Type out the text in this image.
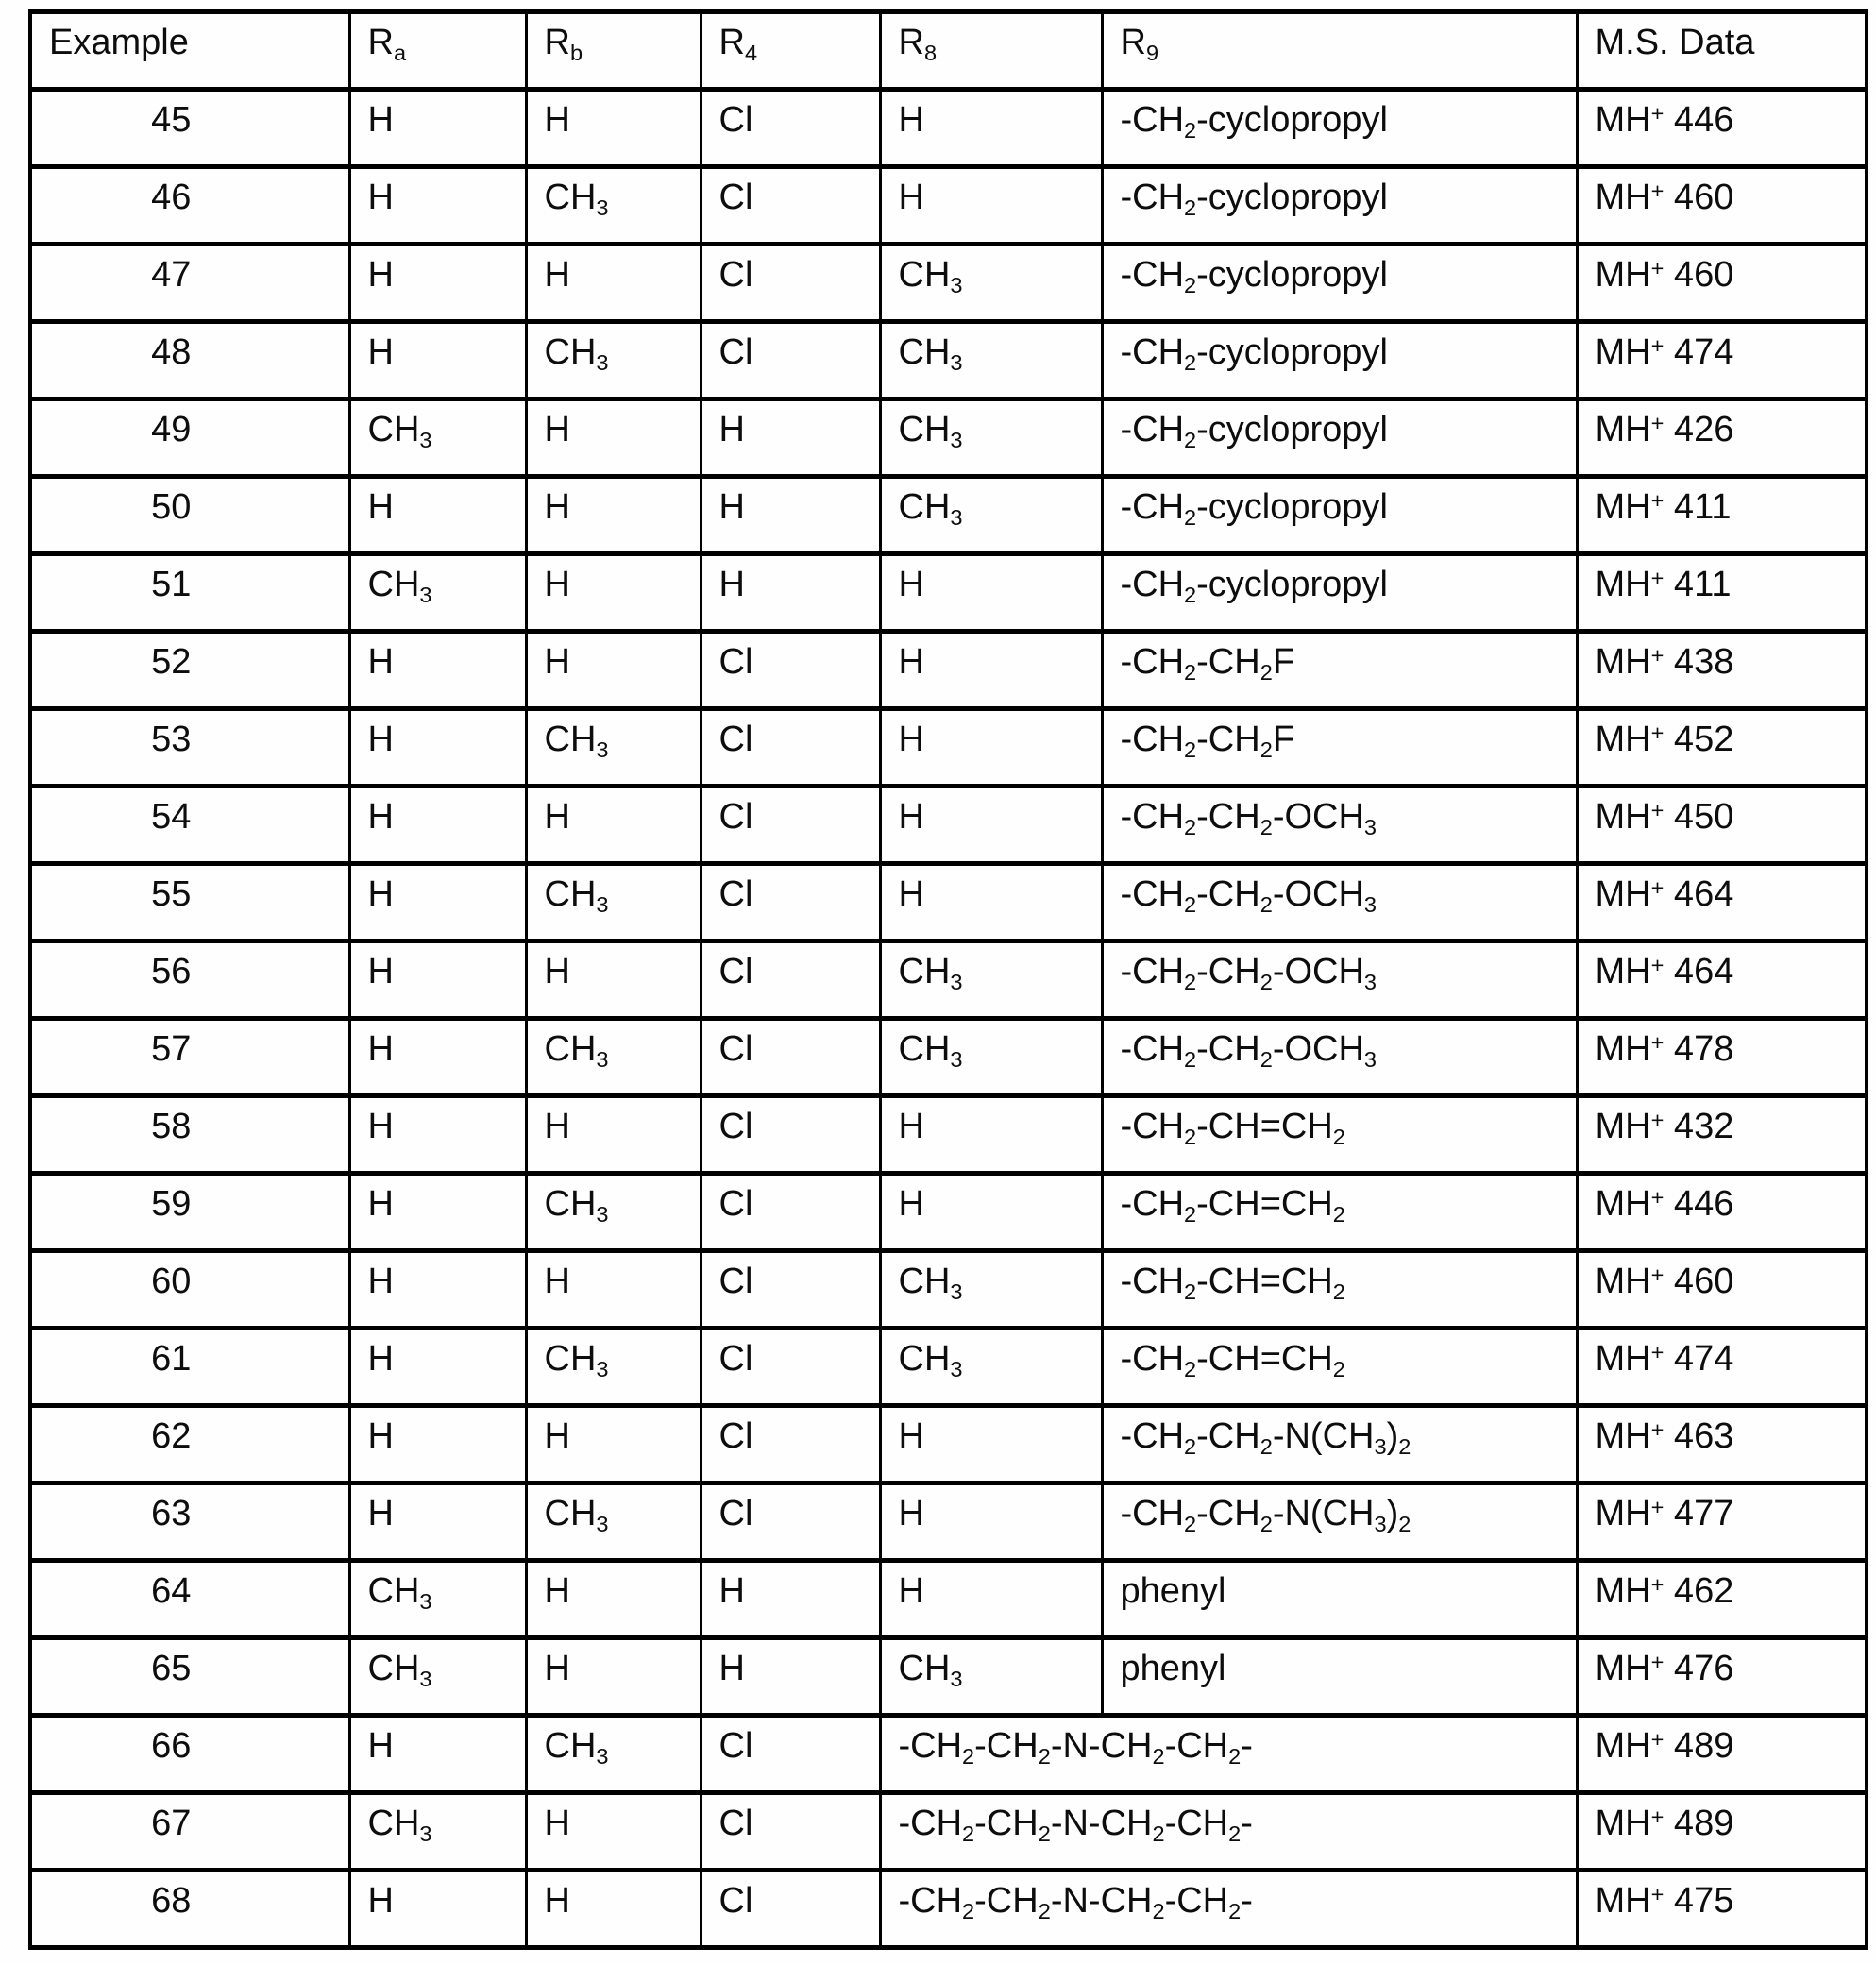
Example	$R_a$	$R_b$	$R_4$	$R_8$	$R_9$	M.S. Data
45	H	H	Cl	H	$-CH_2$-cyclopropyl	MH+ 446
46	H	$CH_3$	Cl	H	$-CH_2$-cyclopropyl	MH+ 460
47	H	H	Cl	$CH_3$	$-CH_2$-cyclopropyl	MH+ 460
48	H	$CH_3$	Cl	$CH_3$	$-CH_2$-cyclopropyl	MH+ 474
49	$CH_3$	H	H	$CH_3$	$-CH_2$-cyclopropyl	MH+ 426
50	H	H	H	$CH_3$	$-CH_2$-cyclopropyl	MH+ 411
51	$CH_3$	H	H	H	$-CH_2$-cyclopropyl	MH+ 411
52	H	H	Cl	H	$-CH_2-CH_2F$	MH+ 438
53	H	$CH_3$	Cl	H	$-CH_2-CH_2F$	MH+ 452
54	H	H	Cl	H	$-CH_2-CH_2-OCH_3$	MH+ 450
55	H	$CH_3$	Cl	H	$-CH_2-CH_2-OCH_3$	MH+ 464
56	H	H	Cl	$CH_3$	$-CH_2-CH_2-OCH_3$	MH+ 464
57	H	$CH_3$	Cl	$CH_3$	$-CH_2-CH_2-OCH_3$	MH+ 478
58	H	H	Cl	H	$-CH_2-CH=CH_2$	MH+ 432
59	H	$CH_3$	Cl	H	$-CH_2-CH=CH_2$	MH+ 446
60	H	H	Cl	$CH_3$	$-CH_2-CH=CH_2$	MH+ 460
61	H	$CH_3$	Cl	$CH_3$	$-CH_2-CH=CH_2$	MH+ 474
62	H	H	Cl	H	$-CH_2-CH_2-N(CH_3)_2$	MH+ 463
63	H	$CH_3$	Cl	H	$-CH_2-CH_2-N(CH_3)_2$	MH+ 477
64	$CH_3$	H	H	H	phenyl	MH+ 462
65	$CH_3$	H	H	$CH_3$	phenyl	MH+ 476
66	H	$CH_3$	Cl	$-CH_2-CH_2-N-CH_2-CH_2-$		MH+ 489
67	$CH_3$	H	Cl	$-CH_2-CH_2-N-CH_2-CH_2-$		MH+ 489
68	H	H	Cl	$-CH_2-CH_2-N-CH_2-CH_2-$		MH+ 475
